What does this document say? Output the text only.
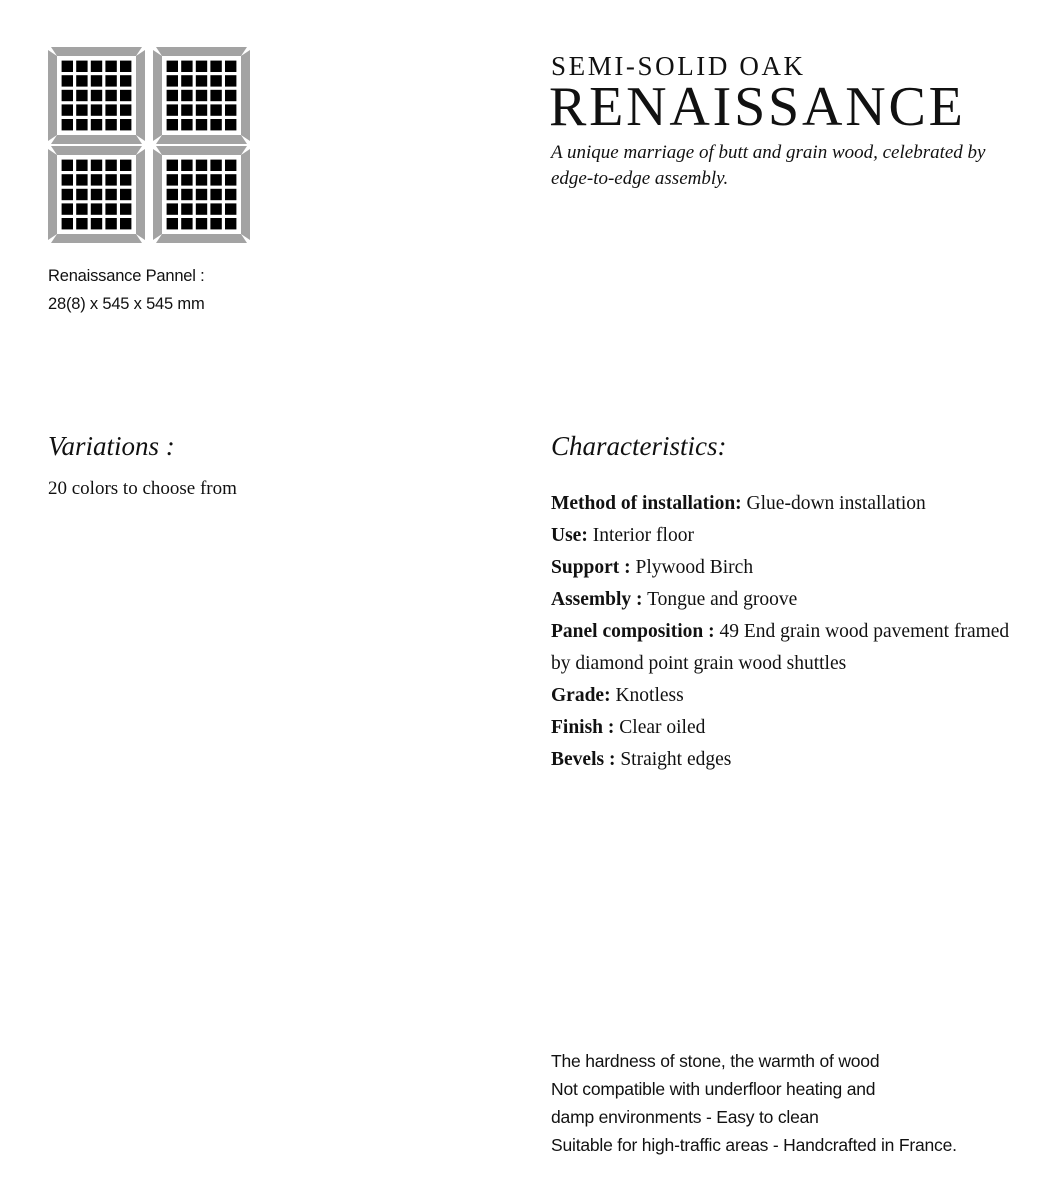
Renaissance Pannel :
28(8) x 545 x 545 mm
SEMI-SOLID OAK
RENAISSANCE
A unique marriage of butt and grain wood, celebrated by edge-to-edge assembly.
Variations :
20 colors to choose from
Characteristics:
Method of installation: Glue-down installation
Use: Interior floor
Support : Plywood Birch
Assembly : Tongue and groove
Panel composition : 49 End grain wood pavement framed by diamond point grain wood shuttles
Grade: Knotless
Finish : Clear oiled
Bevels : Straight edges
The hardness of stone, the warmth of wood
Not compatible with underfloor heating and
damp environments - Easy to clean
Suitable for high-traffic areas - Handcrafted in France.
